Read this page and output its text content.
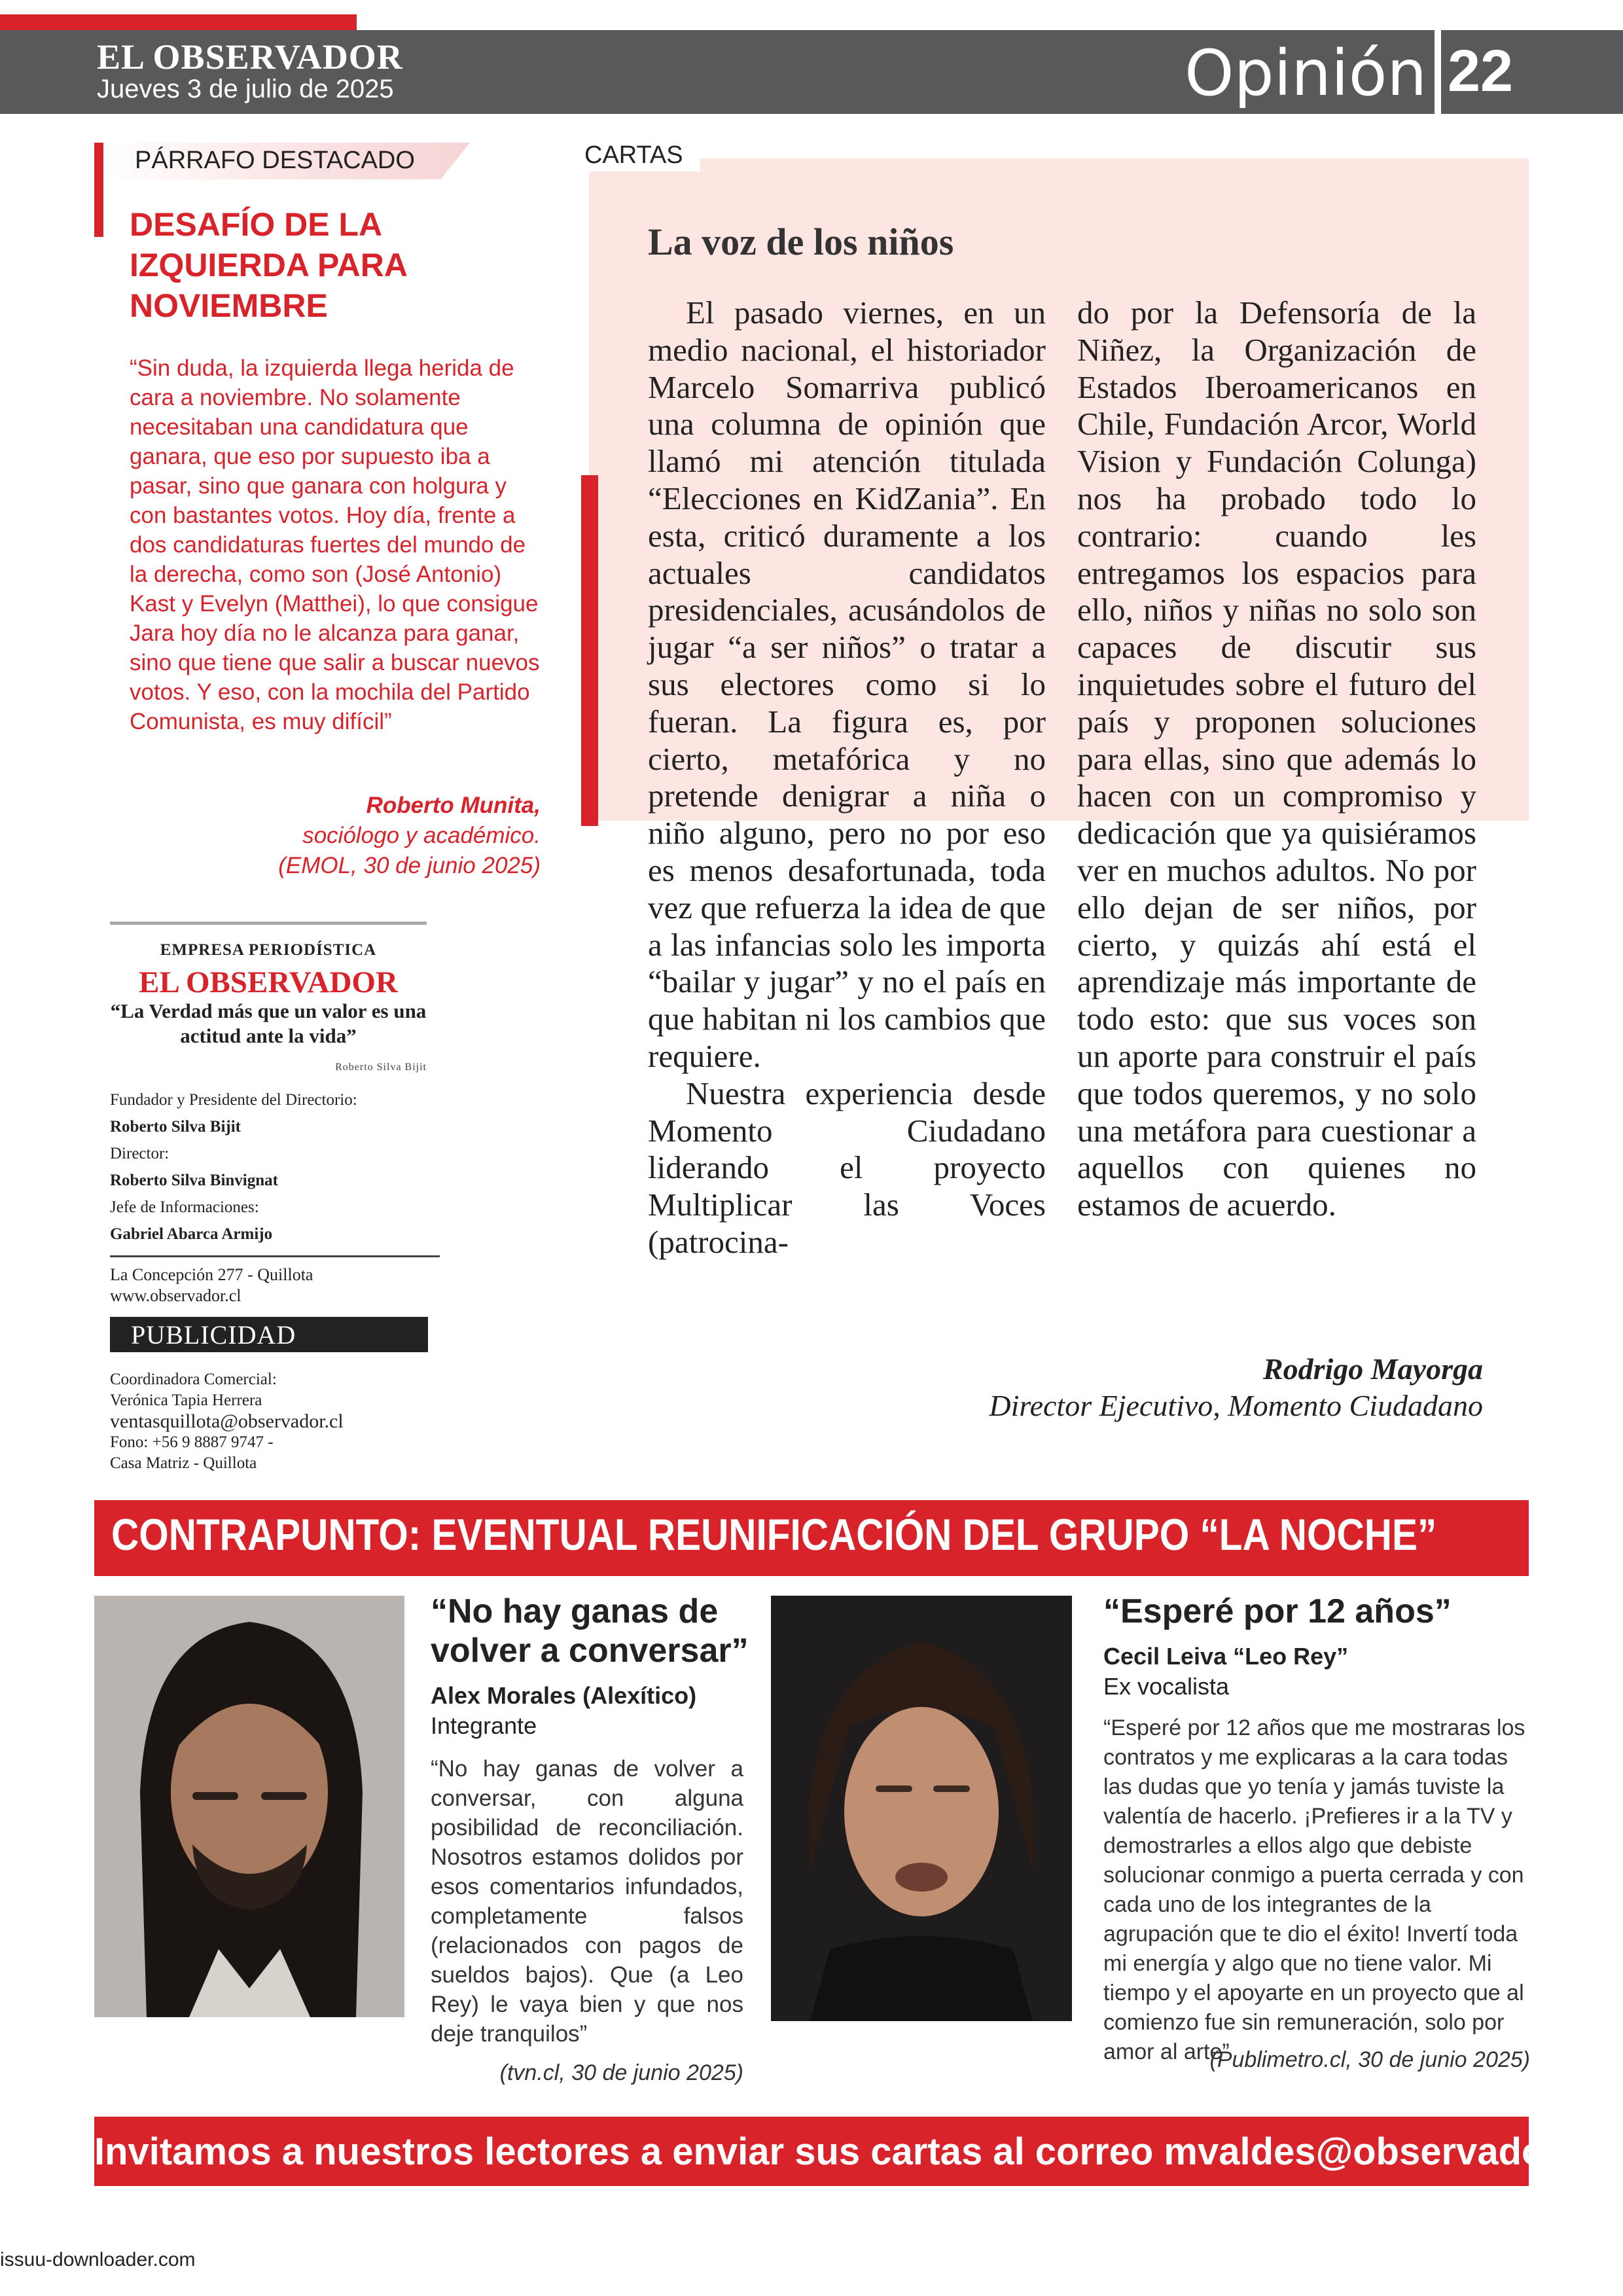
EL OBSERVADOR
Jueves 3 de julio de 2025	Opinión 22
PÁRRAFO DESTACADO
DESAFÍO DE LA IZQUIERDA PARA NOVIEMBRE
“Sin duda, la izquierda llega herida de cara a noviembre. No solamente necesitaban una candidatura que ganara, que eso por supuesto iba a pasar, sino que ganara con holgura y con bastantes votos. Hoy día, frente a dos candidaturas fuertes del mundo de la derecha, como son (José Antonio) Kast y Evelyn (Matthei), lo que consigue Jara hoy día no le alcanza para ganar, sino que tiene que salir a buscar nuevos votos. Y eso, con la mochila del Partido Comunista, es muy difícil”
Roberto Munita,
sociólogo y académico.
(EMOL, 30 de junio 2025)
EMPRESA PERIODÍSTICA
EL OBSERVADOR
“La Verdad más que un valor es una actitud ante la vida”
Roberto Silva Bijit
Fundador y Presidente del Directorio:
Roberto Silva Bijit
Director:
Roberto Silva Binvignat
Jefe de Informaciones:
Gabriel Abarca Armijo
La Concepción 277 - Quillota
www.observador.cl
PUBLICIDAD
Coordinadora Comercial:
Verónica Tapia Herrera
ventasquillota@observador.cl
Fono: +56 9 8887 9747 -
Casa Matriz - Quillota
CARTAS
La voz de los niños

El pasado viernes, en un medio nacional, el historiador Marcelo Somarriva publicó una columna de opinión que llamó mi atención titulada “Elecciones en KidZania”. En esta, criticó duramente a los actuales candidatos presidenciales, acusándolos de jugar “a ser niños” o tratar a sus electores como si lo fueran. La figura es, por cierto, metafórica y no pretende denigrar a niña o niño alguno, pero no por eso es menos desafortunada, toda vez que refuerza la idea de que a las infancias solo les importa “bailar y jugar” y no el país en que habitan ni los cambios que requiere.

Nuestra experiencia desde Momento Ciudadano liderando el proyecto Multiplicar las Voces (patrocina-

do por la Defensoría de la Niñez, la Organización de Estados Iberoamericanos en Chile, Fundación Arcor, World Vision y Fundación Colunga) nos ha probado todo lo contrario: cuando les entregamos los espacios para ello, niños y niñas no solo son capaces de discutir sus inquietudes sobre el futuro del país y proponen soluciones para ellas, sino que además lo hacen con un compromiso y dedicación que ya quisiéramos ver en muchos adultos. No por ello dejan de ser niños, por cierto, y quizás ahí está el aprendizaje más importante de todo esto: que sus voces son un aporte para construir el país que todos queremos, y no solo una metáfora para cuestionar a aquellos con quienes no estamos de acuerdo.

Rodrigo Mayorga
Director Ejecutivo, Momento Ciudadano
CONTRAPUNTO: EVENTUAL REUNIFICACIÓN DEL GRUPO “LA NOCHE”
“No hay ganas de volver a conversar”
Alex Morales (Alexítico)
Integrante
“No hay ganas de volver a conversar, con alguna posibilidad de reconciliación. Nosotros estamos dolidos por esos comentarios infundados, completamente falsos (relacionados con pagos de sueldos bajos). Que (a Leo Rey) le vaya bien y que nos deje tranquilos”
(tvn.cl, 30 de junio 2025)
“Esperé por 12 años”
Cecil Leiva “Leo Rey”
Ex vocalista
“Esperé por 12 años que me mostraras los contratos y me explicaras a la cara todas las dudas que yo tenía y jamás tuviste la valentía de hacerlo. ¡Prefieres ir a la TV y demostrarles a ellos algo que debiste solucionar conmigo a puerta cerrada y con cada uno de los integrantes de la agrupación que te dio el éxito! Invertí toda mi energía y algo que no tiene valor. Mi tiempo y el apoyarte en un proyecto que al comienzo fue sin remuneración, solo por amor al arte”
(Publimetro.cl, 30 de junio 2025)
Invitamos a nuestros lectores a enviar sus cartas al correo mvaldes@observador.cl
issuu-downloader.com
